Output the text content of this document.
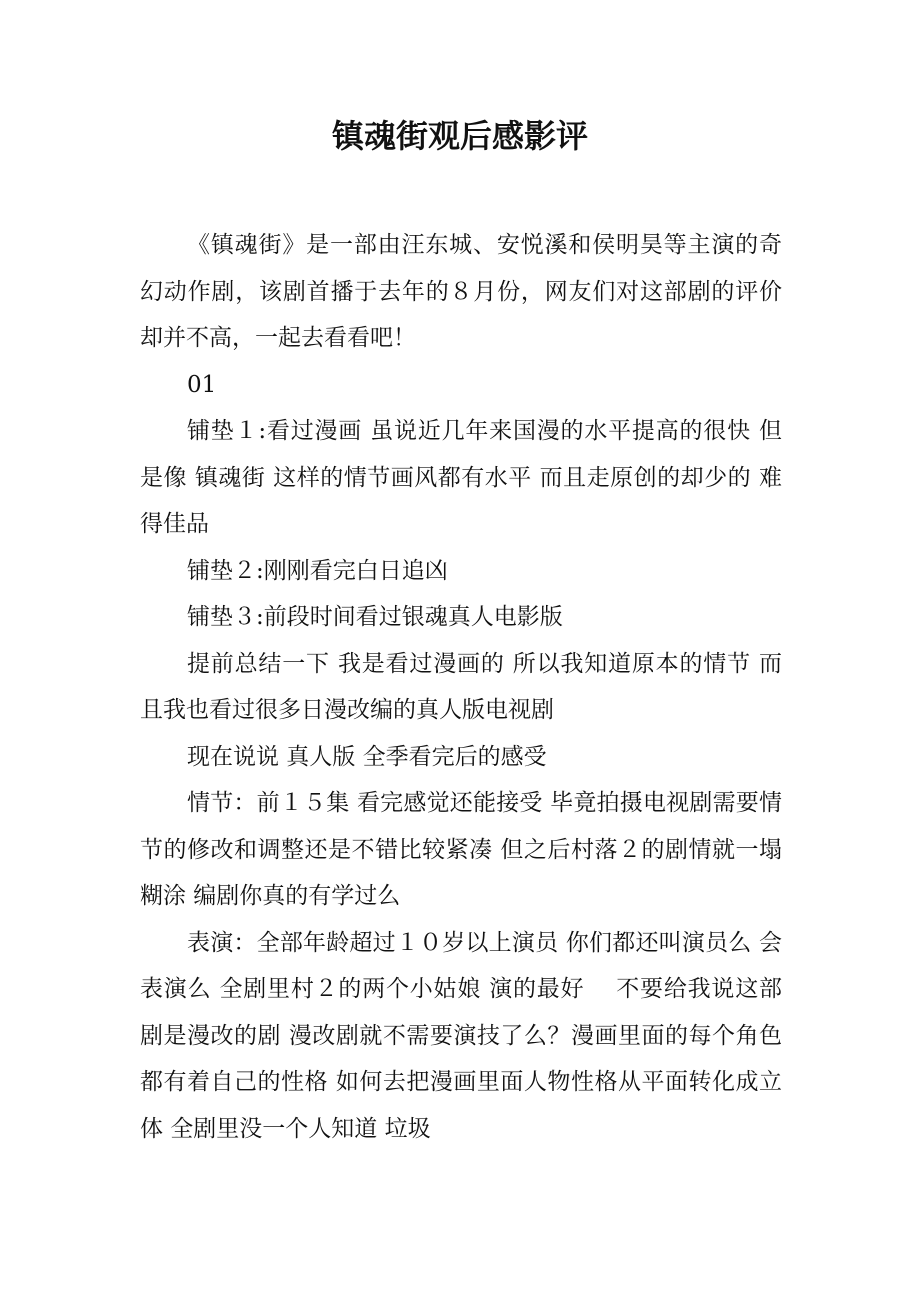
镇魂街观后感影评

《镇魂街》是一部由汪东城、安悦溪和侯明昊等主演的奇幻动作剧，该剧首播于去年的８月份，网友们对这部剧的评价却并不高，一起去看看吧！

01

铺垫１:看过漫画 虽说近几年来国漫的水平提高的很快 但是像 镇魂街 这样的情节画风都有水平 而且走原创的却少的 难得佳品

铺垫２:刚刚看完白日追凶

铺垫３:前段时间看过银魂真人电影版

提前总结一下 我是看过漫画的 所以我知道原本的情节 而且我也看过很多日漫改编的真人版电视剧

现在说说 真人版 全季看完后的感受

情节：前１５集 看完感觉还能接受 毕竟拍摄电视剧需要情节的修改和调整还是不错比较紧凑 但之后村落２的剧情就一塌糊涂 编剧你真的有学过么

表演：全部年龄超过１０岁以上演员 你们都还叫演员么 会表演么 全剧里村２的两个小姑娘 演的最好　 不要给我说这部剧是漫改的剧 漫改剧就不需要演技了么？漫画里面的每个角色都有着自己的性格 如何去把漫画里面人物性格从平面转化成立体 全剧里没一个人知道 垃圾
